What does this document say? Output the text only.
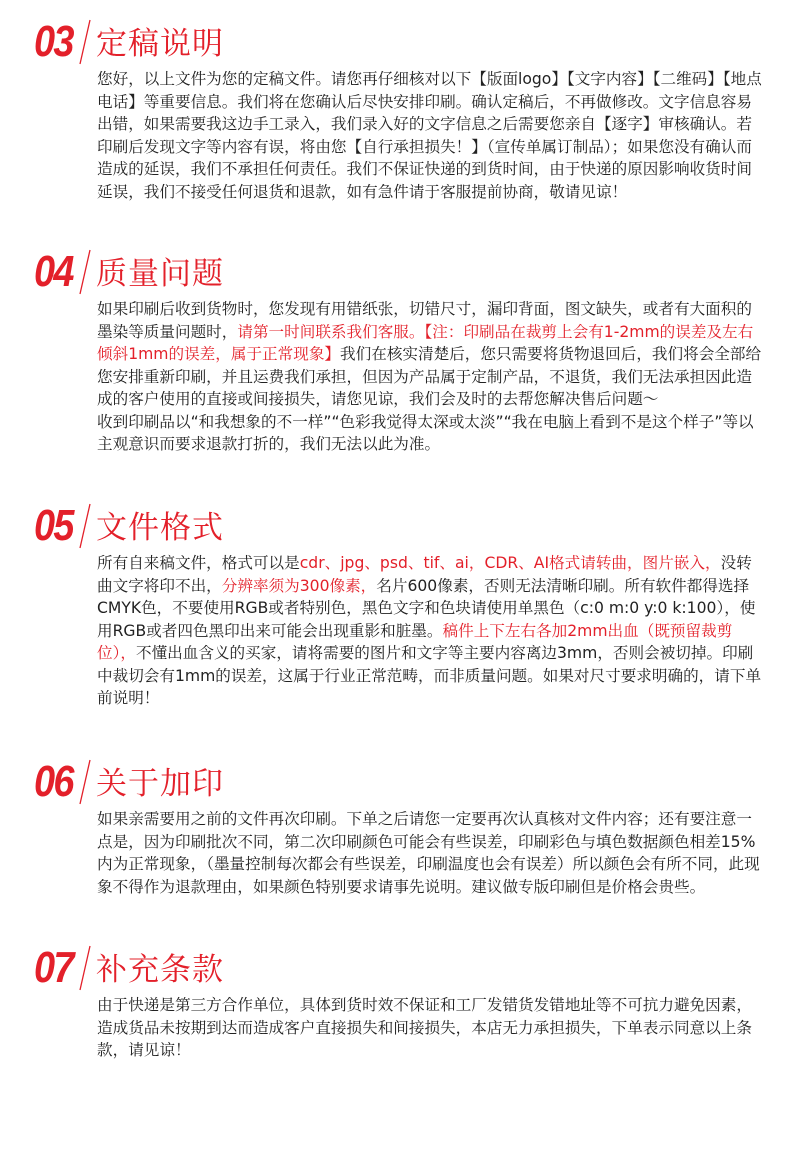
03 定稿说明

您好，以上文件为您的定稿文件。请您再仔细核对以下【版面logo】【文字内容】【二维码】【地点电话】等重要信息。我们将在您确认后尽快安排印刷。确认定稿后，不再做修改。文字信息容易出错，如果需要我这边手工录入，我们录入好的文字信息之后需要您亲自【逐字】审核确认。若印刷后发现文字等内容有误，将由您【自行承担损失！】（宣传单属订制品）；如果您没有确认而造成的延误，我们不承担任何责任。我们不保证快递的到货时间，由于快递的原因影响收货时间延误，我们不接受任何退货和退款，如有急件请于客服提前协商，敬请见谅！

04 质量问题

如果印刷后收到货物时，您发现有用错纸张，切错尺寸，漏印背面，图文缺失，或者有大面积的墨染等质量问题时，请第一时间联系我们客服。【注：印刷品在裁剪上会有1-2mm的误差及左右倾斜1mm的误差，属于正常现象】我们在核实清楚后，您只需要将货物退回后，我们将会全部给您安排重新印刷，并且运费我们承担，但因为产品属于定制产品，不退货，我们无法承担因此造成的客户使用的直接或间接损失，请您见谅，我们会及时的去帮您解决售后问题～

收到印刷品以“和我想象的不一样”“色彩我觉得太深或太淡”“我在电脑上看到不是这个样子”等以主观意识而要求退款打折的，我们无法以此为准。

05 文件格式

所有自来稿文件，格式可以是cdr、jpg、psd、tif、ai，CDR、AI格式请转曲，图片嵌入，没转曲文字将印不出，分辨率须为300像素，名片600像素，否则无法清晰印刷。所有软件都得选择CMYK色，不要使用RGB或者特别色，黑色文字和色块请使用单黑色（c:0 m:0 y:0 k:100），使用RGB或者四色黑印出来可能会出现重影和脏墨。稿件上下左右各加2mm出血（既预留裁剪位），不懂出血含义的买家，请将需要的图片和文字等主要内容离边3mm，否则会被切掉。印刷中裁切会有1mm的误差，这属于行业正常范畴，而非质量问题。如果对尺寸要求明确的，请下单前说明！

06 关于加印

如果亲需要用之前的文件再次印刷。下单之后请您一定要再次认真核对文件内容；还有要注意一点是，因为印刷批次不同，第二次印刷颜色可能会有些误差，印刷彩色与填色数据颜色相差15%内为正常现象，（墨量控制每次都会有些误差，印刷温度也会有误差）所以颜色会有所不同，此现象不得作为退款理由，如果颜色特别要求请事先说明。建议做专版印刷但是价格会贵些。

07 补充条款

由于快递是第三方合作单位，具体到货时效不保证和工厂发错货发错地址等不可抗力避免因素，造成货品未按期到达而造成客户直接损失和间接损失，本店无力承担损失，下单表示同意以上条款，请见谅！
